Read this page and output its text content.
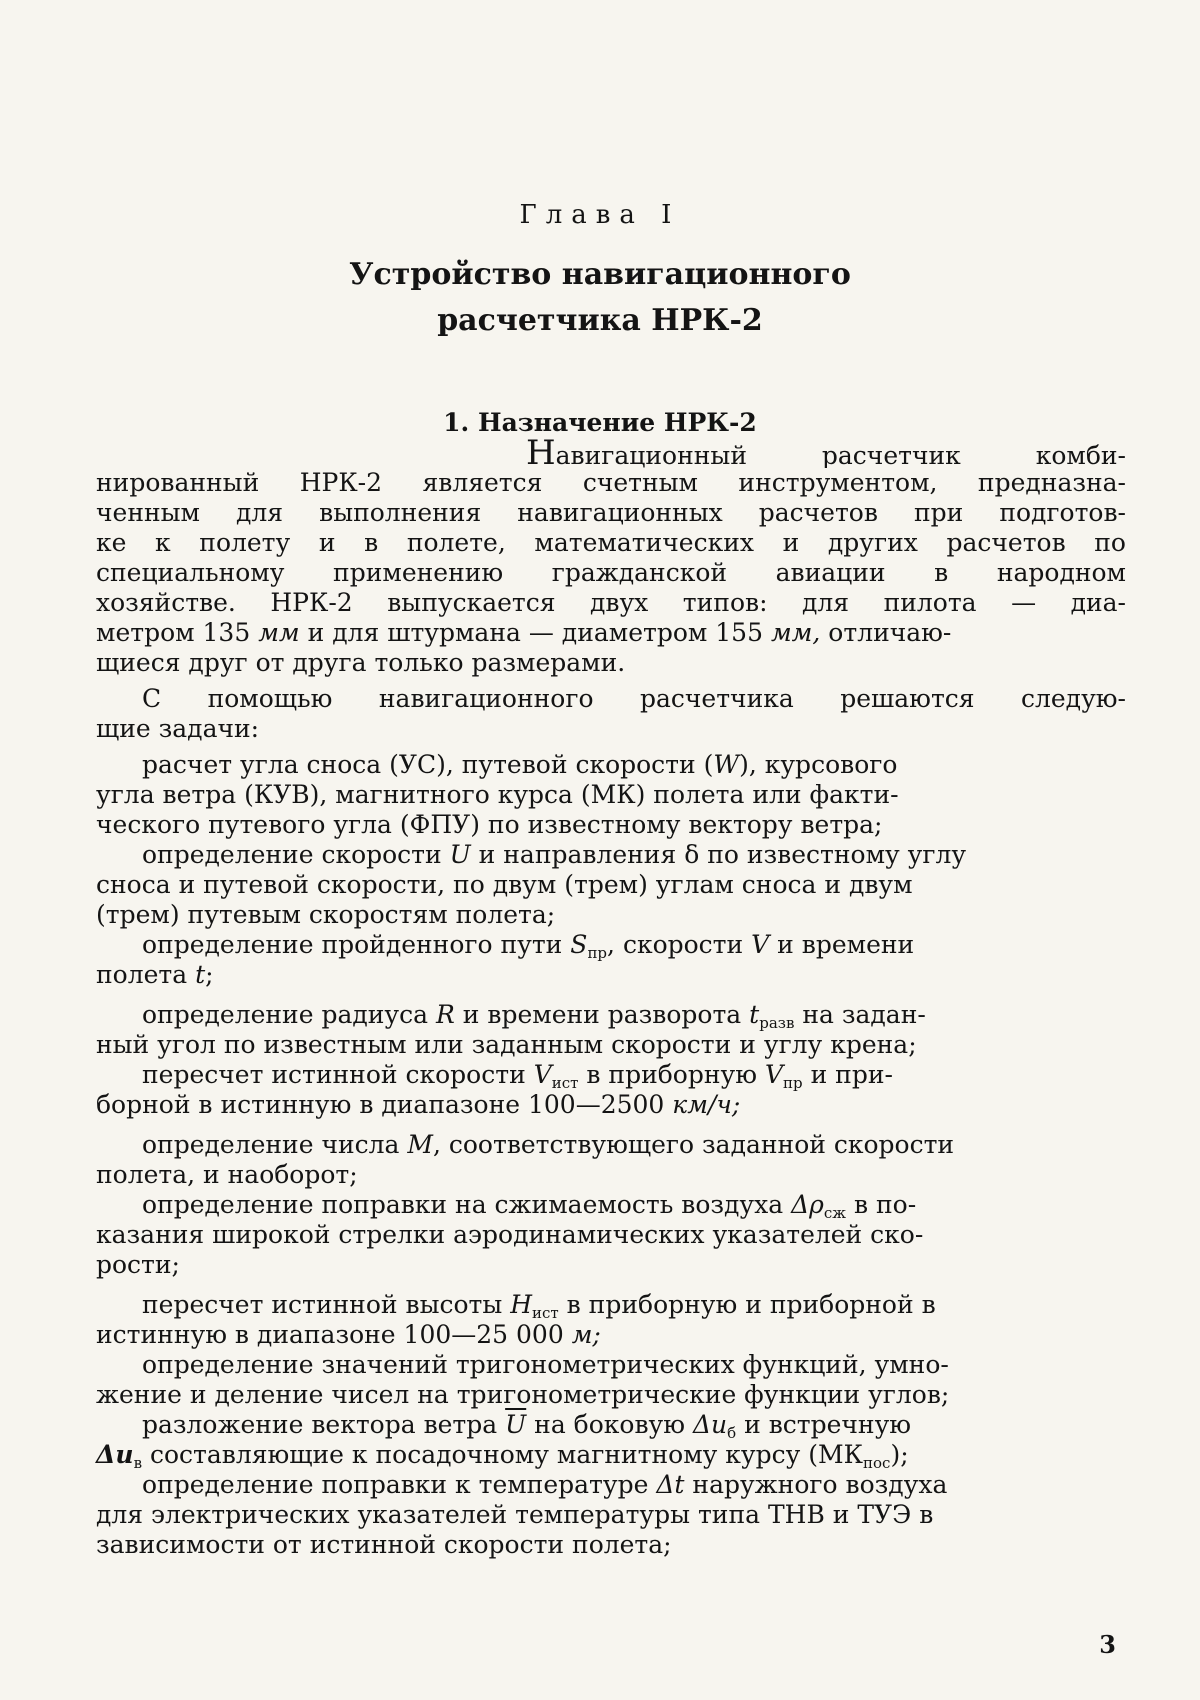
Глава I
Устройство навигационного
расчетчика НРК-2
1. Назначение НРК-2
Навигационный расчетчик комби-
нированный НРК-2 является счетным инструментом, предназна-
ченным для выполнения навигационных расчетов при подготов-
ке к полету и в полете, математических и других расчетов по
специальному применению гражданской авиации в народном
хозяйстве. НРК-2 выпускается двух типов: для пилота — диа-
метром 135 мм и для штурмана — диаметром 155 мм, отличаю-
щиеся друг от друга только размерами.
С помощью навигационного расчетчика решаются следую-
щие задачи:
расчет угла сноса (УС), путевой скорости (W), курсового
угла ветра (КУВ), магнитного курса (МК) полета или факти-
ческого путевого угла (ФПУ) по известному вектору ветра;
определение скорости U и направления δ по известному углу
сноса и путевой скорости, по двум (трем) углам сноса и двум
(трем) путевым скоростям полета;
определение пройденного пути $S_{пр}$, скорости V и времени
полета t;
определение радиуса R и времени разворота $t_{разв}$ на задан-
ный угол по известным или заданным скорости и углу крена;
пересчет истинной скорости $V_{ист}$ в приборную $V_{пр}$ и при-
борной в истинную в диапазоне 100—2500 км/ч;
определение числа М, соответствующего заданной скорости
полета, и наоборот;
определение поправки на сжимаемость воздуха $\Delta\rho_{сж}$ в по-
казания широкой стрелки аэродинамических указателей ско-
рости;
пересчет истинной высоты $H_{ист}$ в приборную и приборной в
истинную в диапазоне 100—25 000 м;
определение значений тригонометрических функций, умно-
жение и деление чисел на тригонометрические функции углов;
разложение вектора ветра $\overline{U}$ на боковую $\Delta u_б$ и встречную
$\Delta u_в$ составляющие к посадочному магнитному курсу $(МК_{пос})$;
определение поправки к температуре Δt наружного воздуха
для электрических указателей температуры типа ТНВ и ТУЭ в
зависимости от истинной скорости полета;
3
